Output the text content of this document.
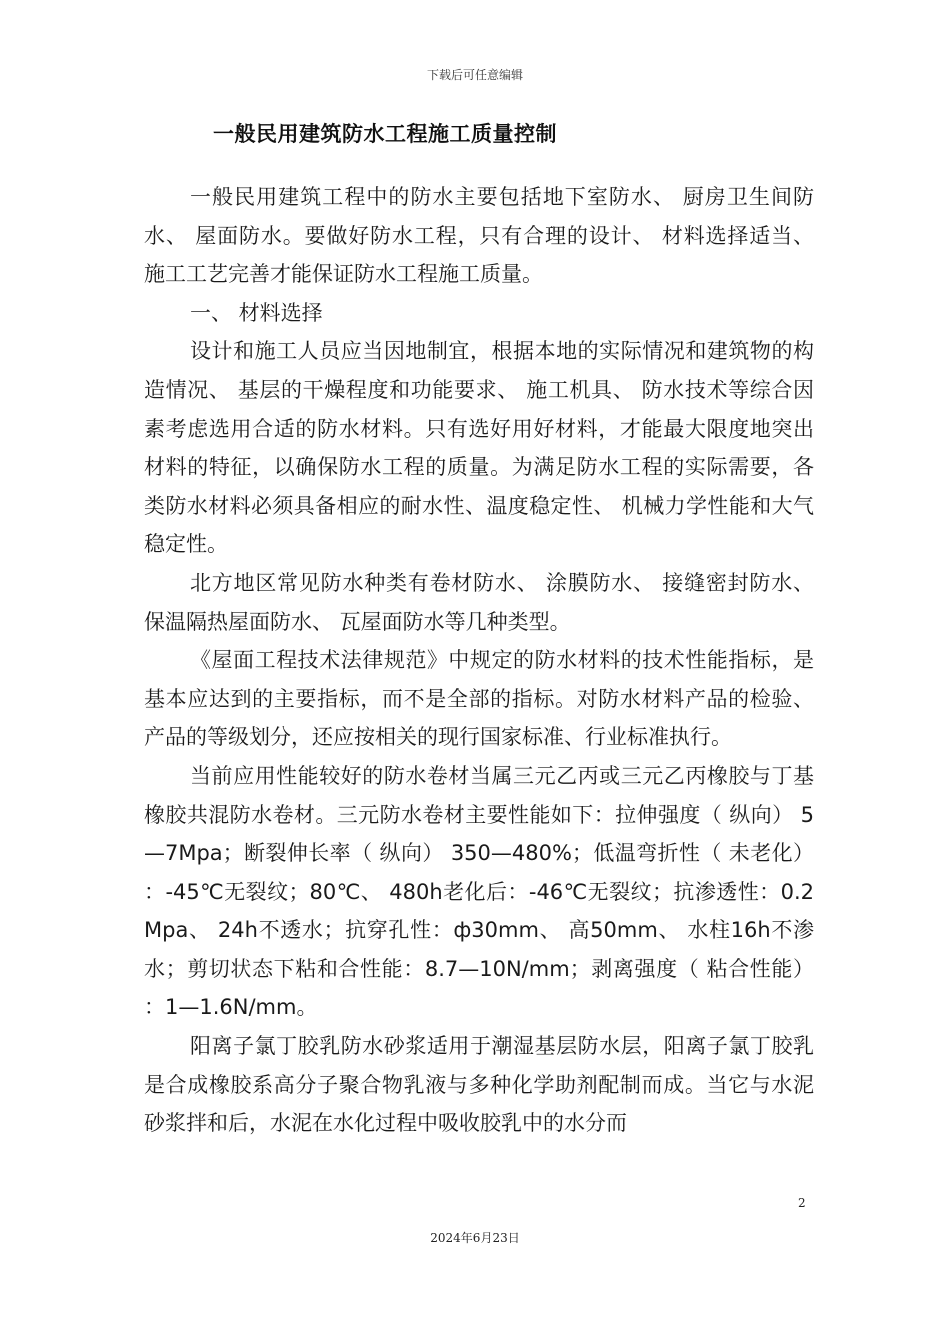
下载后可任意编辑
一般民用建筑防水工程施工质量控制

一般民用建筑工程中的防水主要包括地下室防水、 厨房卫生间防水、 屋面防水。要做好防水工程，只有合理的设计、 材料选择适当、 施工工艺完善才能保证防水工程施工质量。

一、 材料选择

设计和施工人员应当因地制宜，根据本地的实际情况和建筑物的构造情况、 基层的干燥程度和功能要求、 施工机具、 防水技术等综合因素考虑选用合适的防水材料。只有选好用好材料，才能最大限度地突出材料的特征，以确保防水工程的质量。为满足防水工程的实际需要，各类防水材料必须具备相应的耐水性、温度稳定性、 机械力学性能和大气稳定性。

北方地区常见防水种类有卷材防水、 涂膜防水、 接缝密封防水、 保温隔热屋面防水、 瓦屋面防水等几种类型。

《屋面工程技术法律规范》中规定的防水材料的技术性能指标，是基本应达到的主要指标，而不是全部的指标。对防水材料产品的检验、 产品的等级划分，还应按相关的现行国家标准、行业标准执行。

当前应用性能较好的防水卷材当属三元乙丙或三元乙丙橡胶与丁基橡胶共混防水卷材。三元防水卷材主要性能如下：拉伸强度（ 纵向） 5—7Mpa；断裂伸长率（ 纵向） 350—480%；低温弯折性（ 未老化） ：-45℃无裂纹；80℃、 480h老化后：-46℃无裂纹；抗渗透性：0.2Mpa、 24h不透水；抗穿孔性：ф30mm、 高50mm、 水柱16h不渗水；剪切状态下粘和合性能：8.7—10N/mm；剥离强度（ 粘合性能） ：1—1.6N/mm。

阳离子氯丁胶乳防水砂浆适用于潮湿基层防水层，阳离子氯丁胶乳是合成橡胶系高分子聚合物乳液与多种化学助剂配制而成。当它与水泥砂浆拌和后，水泥在水化过程中吸收胶乳中的水分而

2
2024年6月23日
